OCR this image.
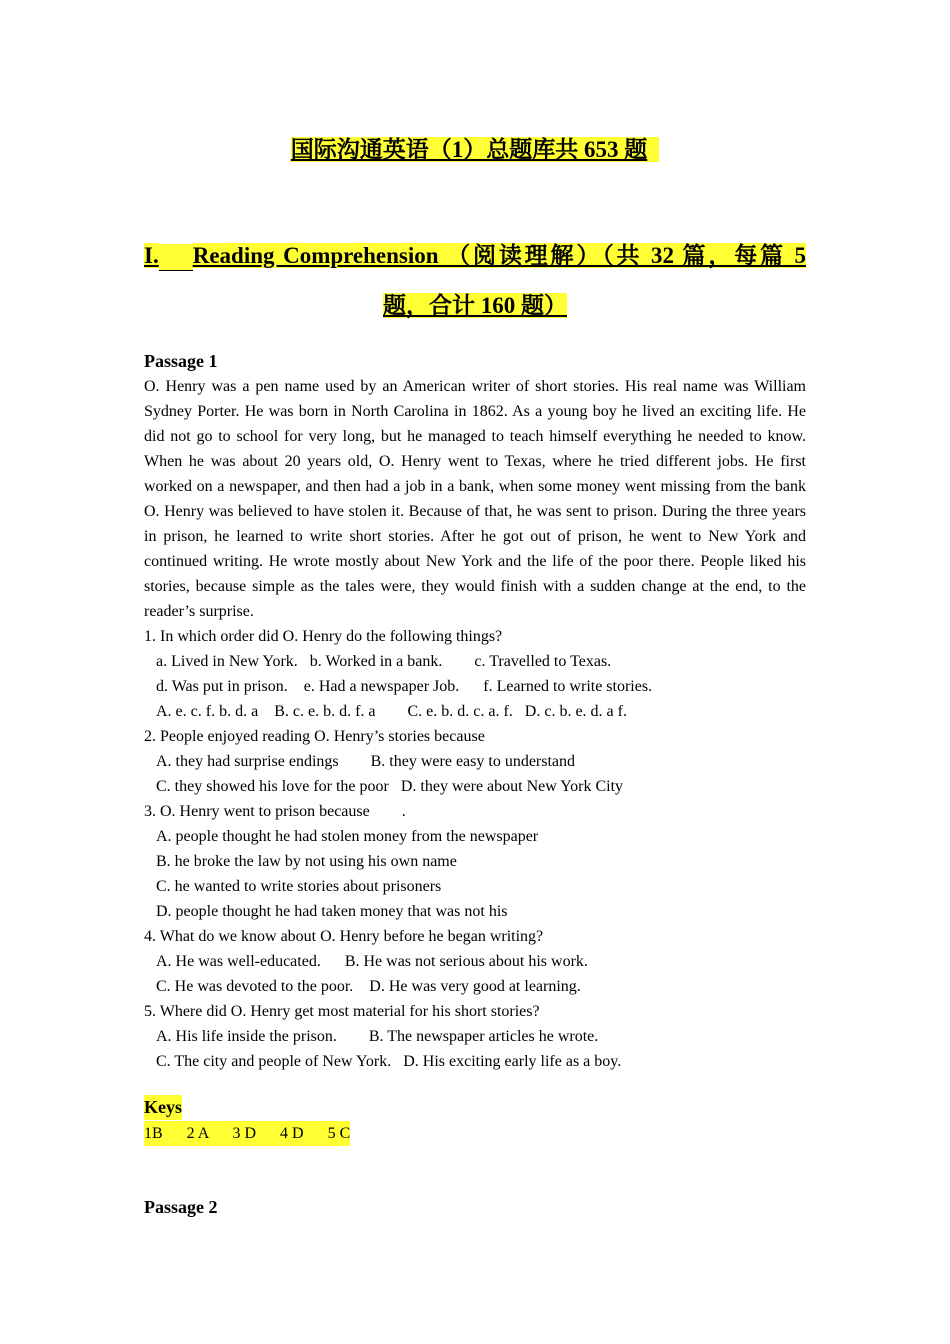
国际沟通英语（1）总题库共 653 题
I. Reading Comprehension （阅读理解）（共 32 篇，每篇 5 题，合计 160 题）
Passage 1
O. Henry was a pen name used by an American writer of short stories. His real name was William Sydney Porter. He was born in North Carolina in 1862. As a young boy he lived an exciting life. He did not go to school for very long, but he managed to teach himself everything he needed to know. When he was about 20 years old, O. Henry went to Texas, where he tried different jobs. He first worked on a newspaper, and then had a job in a bank, when some money went missing from the bank O. Henry was believed to have stolen it. Because of that, he was sent to prison. During the three years in prison, he learned to write short stories. After he got out of prison, he went to New York and continued writing. He wrote mostly about New York and the life of the poor there. People liked his stories, because simple as the tales were, they would finish with a sudden change at the end, to the reader’s surprise.
1. In which order did O. Henry do the following things?
a. Lived in New York.   b. Worked in a bank.        c. Travelled to Texas.
d. Was put in prison.    e. Had a newspaper Job.      f. Learned to write stories.
A. e. c. f. b. d. a    B. c. e. b. d. f. a        C. e. b. d. c. a. f.   D. c. b. e. d. a f.
2. People enjoyed reading O. Henry’s stories because
A. they had surprise endings        B. they were easy to understand
C. they showed his love for the poor   D. they were about New York City
3. O. Henry went to prison because        .
A. people thought he had stolen money from the newspaper
B. he broke the law by not using his own name
C. he wanted to write stories about prisoners
D. people thought he had taken money that was not his
4. What do we know about O. Henry before he began writing?
A. He was well-educated.      B. He was not serious about his work.
C. He was devoted to the poor.    D. He was very good at learning.
5. Where did O. Henry get most material for his short stories?
A. His life inside the prison.        B. The newspaper articles he wrote.
C. The city and people of New York.   D. His exciting early life as a boy.
Keys
1B      2 A      3 D      4 D      5 C
Passage 2
